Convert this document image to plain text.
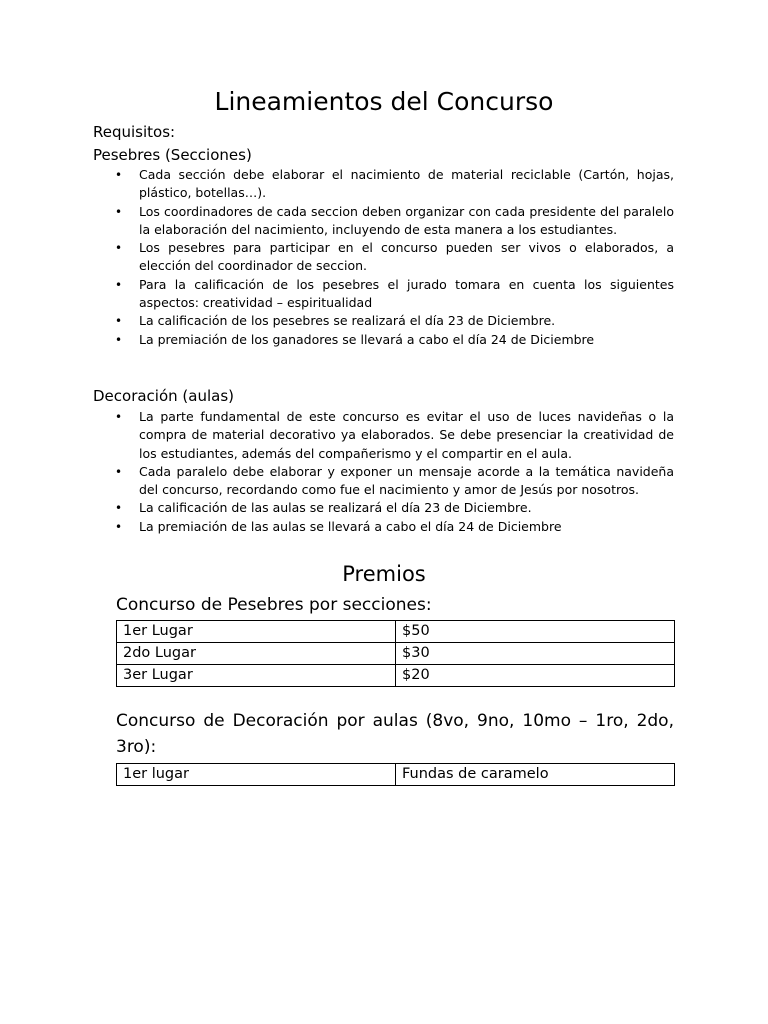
Lineamientos del Concurso
Requisitos:
Pesebres (Secciones)
• Cada sección debe elaborar el nacimiento de material reciclable (Cartón, hojas, plástico, botellas…).
• Los coordinadores de cada seccion deben organizar con cada presidente del paralelo la elaboración del nacimiento, incluyendo de esta manera a los estudiantes.
• Los pesebres para participar en el concurso pueden ser vivos o elaborados, a elección del coordinador de seccion.
• Para la calificación de los pesebres el jurado tomara en cuenta los siguientes aspectos: creatividad – espiritualidad
• La calificación de los pesebres se realizará el día 23 de Diciembre.
• La premiación de los ganadores se llevará a cabo el día 24 de Diciembre
Decoración (aulas)
• La parte fundamental de este concurso es evitar el uso de luces navideñas o la compra de material decorativo ya elaborados. Se debe presenciar la creatividad de los estudiantes, además del compañerismo y el compartir en el aula.
• Cada paralelo debe elaborar y exponer un mensaje acorde a la temática navideña del concurso, recordando como fue el nacimiento y amor de Jesús por nosotros.
• La calificación de las aulas se realizará el día 23 de Diciembre.
• La premiación de las aulas se llevará a cabo el día 24 de Diciembre
Premios
Concurso de Pesebres por secciones:
1er Lugar	$50
2do Lugar	$30
3er Lugar	$20
Concurso de Decoración por aulas (8vo, 9no, 10mo – 1ro, 2do, 3ro):
1er lugar	Fundas de caramelo
